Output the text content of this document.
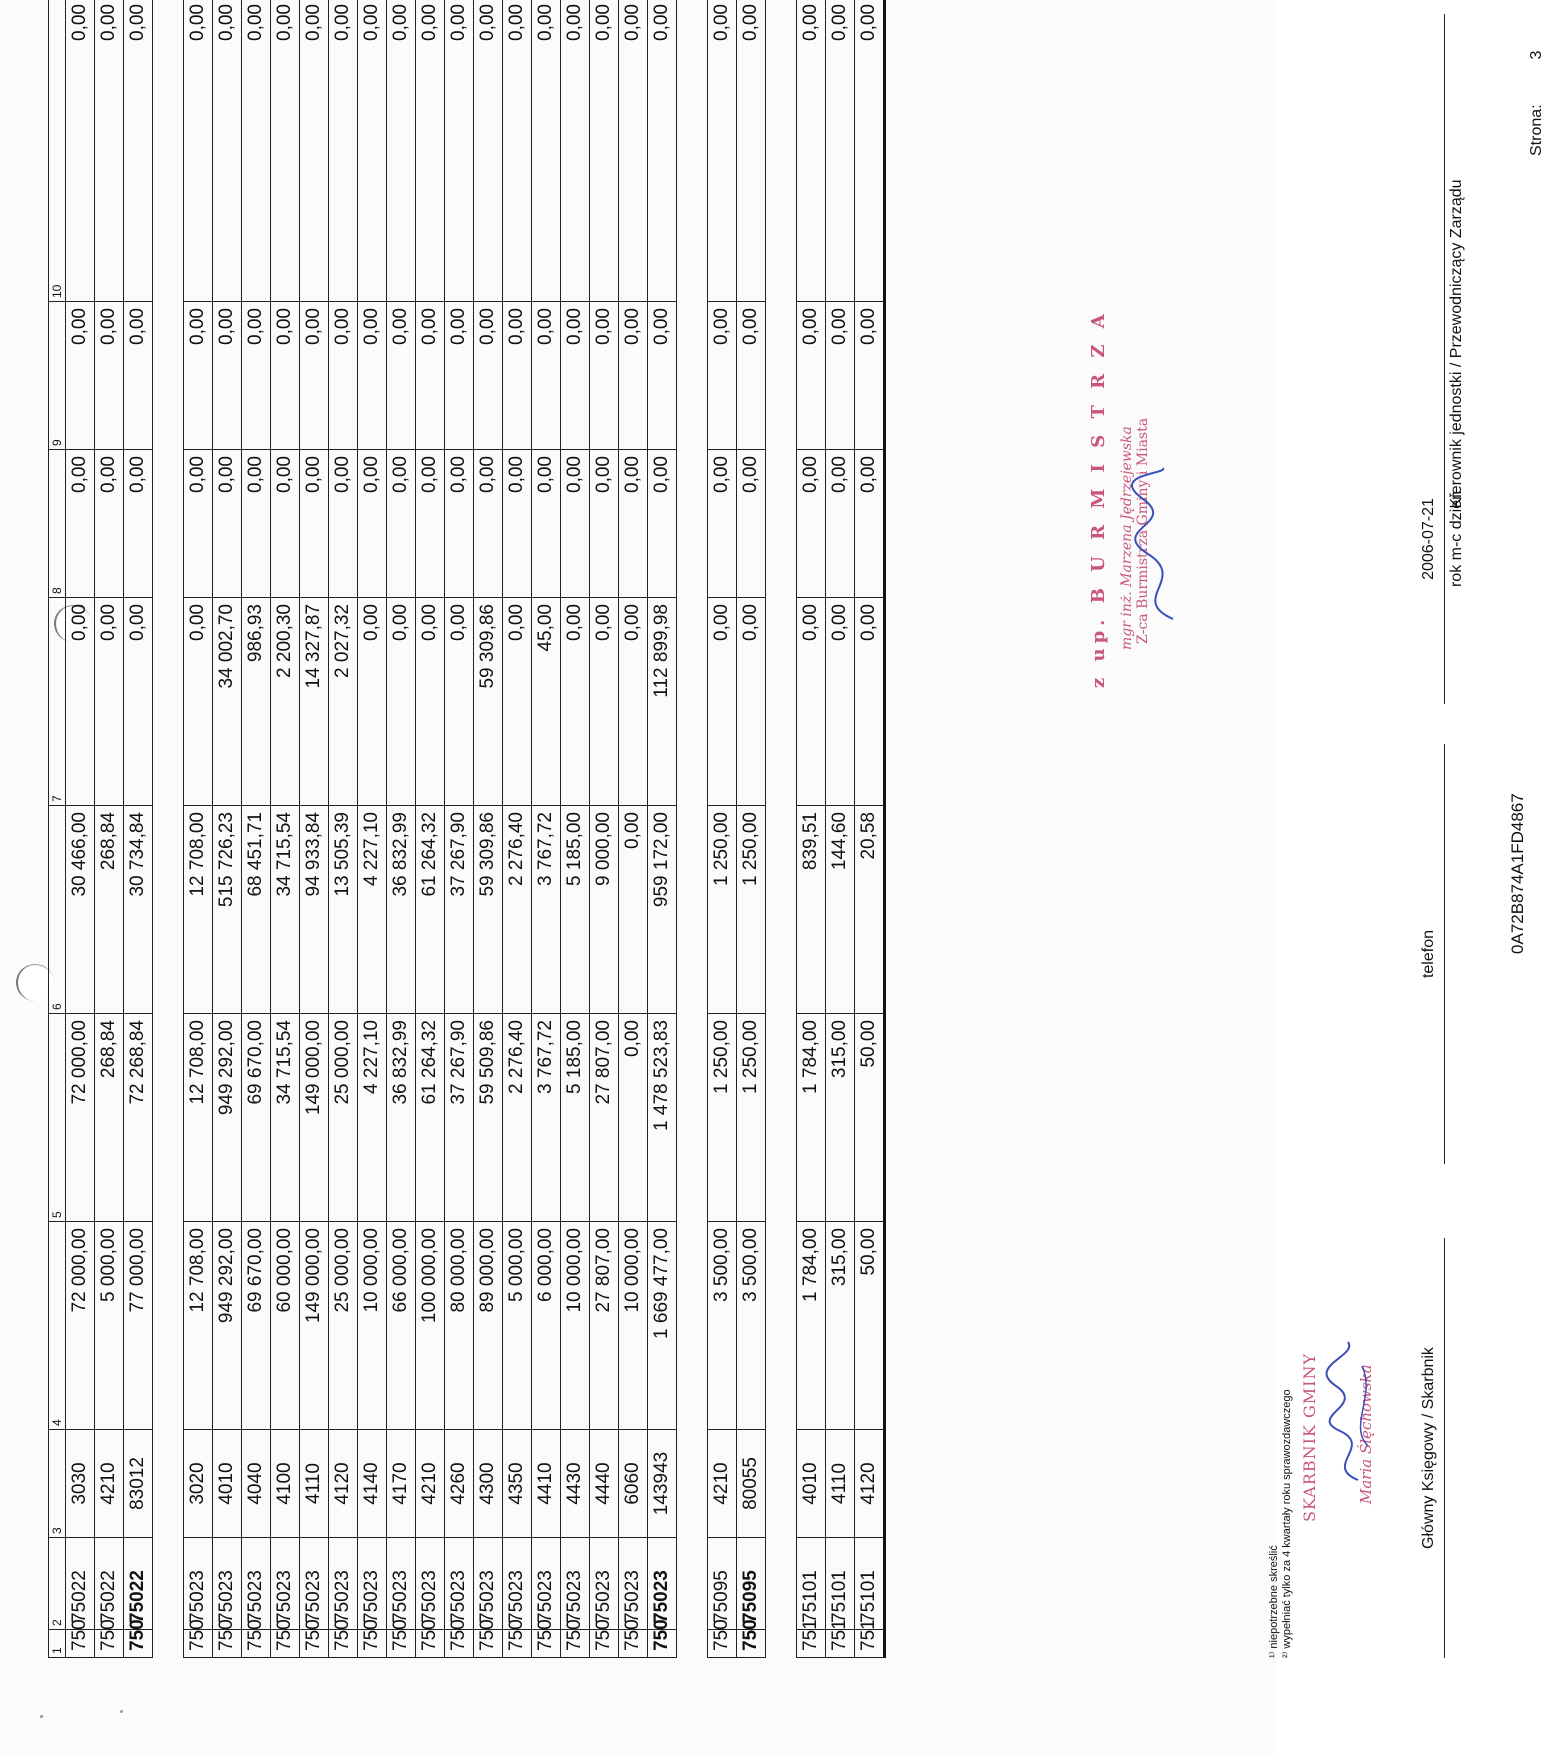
1	2	3	4	5	6	7	8	9	10
750	75022	3030	72 000,00	72 000,00	30 466,00	0,00	0,00	0,00	0,00
750	75022	4210	5 000,00	268,84	268,84	0,00	0,00	0,00	0,00
750	75022	83012	77 000,00	72 268,84	30 734,84	0,00	0,00	0,00	0,00

750	75023	3020	12 708,00	12 708,00	12 708,00	0,00	0,00	0,00	0,00
750	75023	4010	949 292,00	949 292,00	515 726,23	34 002,70	0,00	0,00	0,00
750	75023	4040	69 670,00	69 670,00	68 451,71	986,93	0,00	0,00	0,00
750	75023	4100	60 000,00	34 715,54	34 715,54	2 200,30	0,00	0,00	0,00
750	75023	4110	149 000,00	149 000,00	94 933,84	14 327,87	0,00	0,00	0,00
750	75023	4120	25 000,00	25 000,00	13 505,39	2 027,32	0,00	0,00	0,00
750	75023	4140	10 000,00	4 227,10	4 227,10	0,00	0,00	0,00	0,00
750	75023	4170	66 000,00	36 832,99	36 832,99	0,00	0,00	0,00	0,00
750	75023	4210	100 000,00	61 264,32	61 264,32	0,00	0,00	0,00	0,00
750	75023	4260	80 000,00	37 267,90	37 267,90	0,00	0,00	0,00	0,00
750	75023	4300	89 000,00	59 509,86	59 309,86	59 309,86	0,00	0,00	0,00
750	75023	4350	5 000,00	2 276,40	2 276,40	0,00	0,00	0,00	0,00
750	75023	4410	6 000,00	3 767,72	3 767,72	45,00	0,00	0,00	0,00
750	75023	4430	10 000,00	5 185,00	5 185,00	0,00	0,00	0,00	0,00
750	75023	4440	27 807,00	27 807,00	9 000,00	0,00	0,00	0,00	0,00
750	75023	6060	10 000,00	0,00	0,00	0,00	0,00	0,00	0,00
750	75023	143943	1 669 477,00	1 478 523,83	959 172,00	112 899,98	0,00	0,00	0,00

750	75095	4210	3 500,00	1 250,00	1 250,00	0,00	0,00	0,00	0,00
750	75095	80055	3 500,00	1 250,00	1 250,00	0,00	0,00	0,00	0,00

751	75101	4010	1 784,00	1 784,00	839,51	0,00	0,00	0,00	0,00
751	75101	4110	315,00	315,00	144,60	0,00	0,00	0,00	0,00
751	75101	4120	50,00	50,00	20,58	0,00	0,00	0,00	0,00
¹⁾ niepotrzebne skreślić ²⁾ wypełniać tylko za 4 kwartały roku sprawozdawczego SKARBNIK GMINY	Maria Ślęchowska	Główny Księgowy / Skarbnik
telefon
2006-07-21 rok m-c dzień
z up. B U R M I S T R Z A mgr inż. Marzena Jędrzejewska Z-ca Burmistrza Gminy i Miasta
Kierownik jednostki / Przewodniczący Zarządu
0A72B874A1FD4867
Strona:  3
